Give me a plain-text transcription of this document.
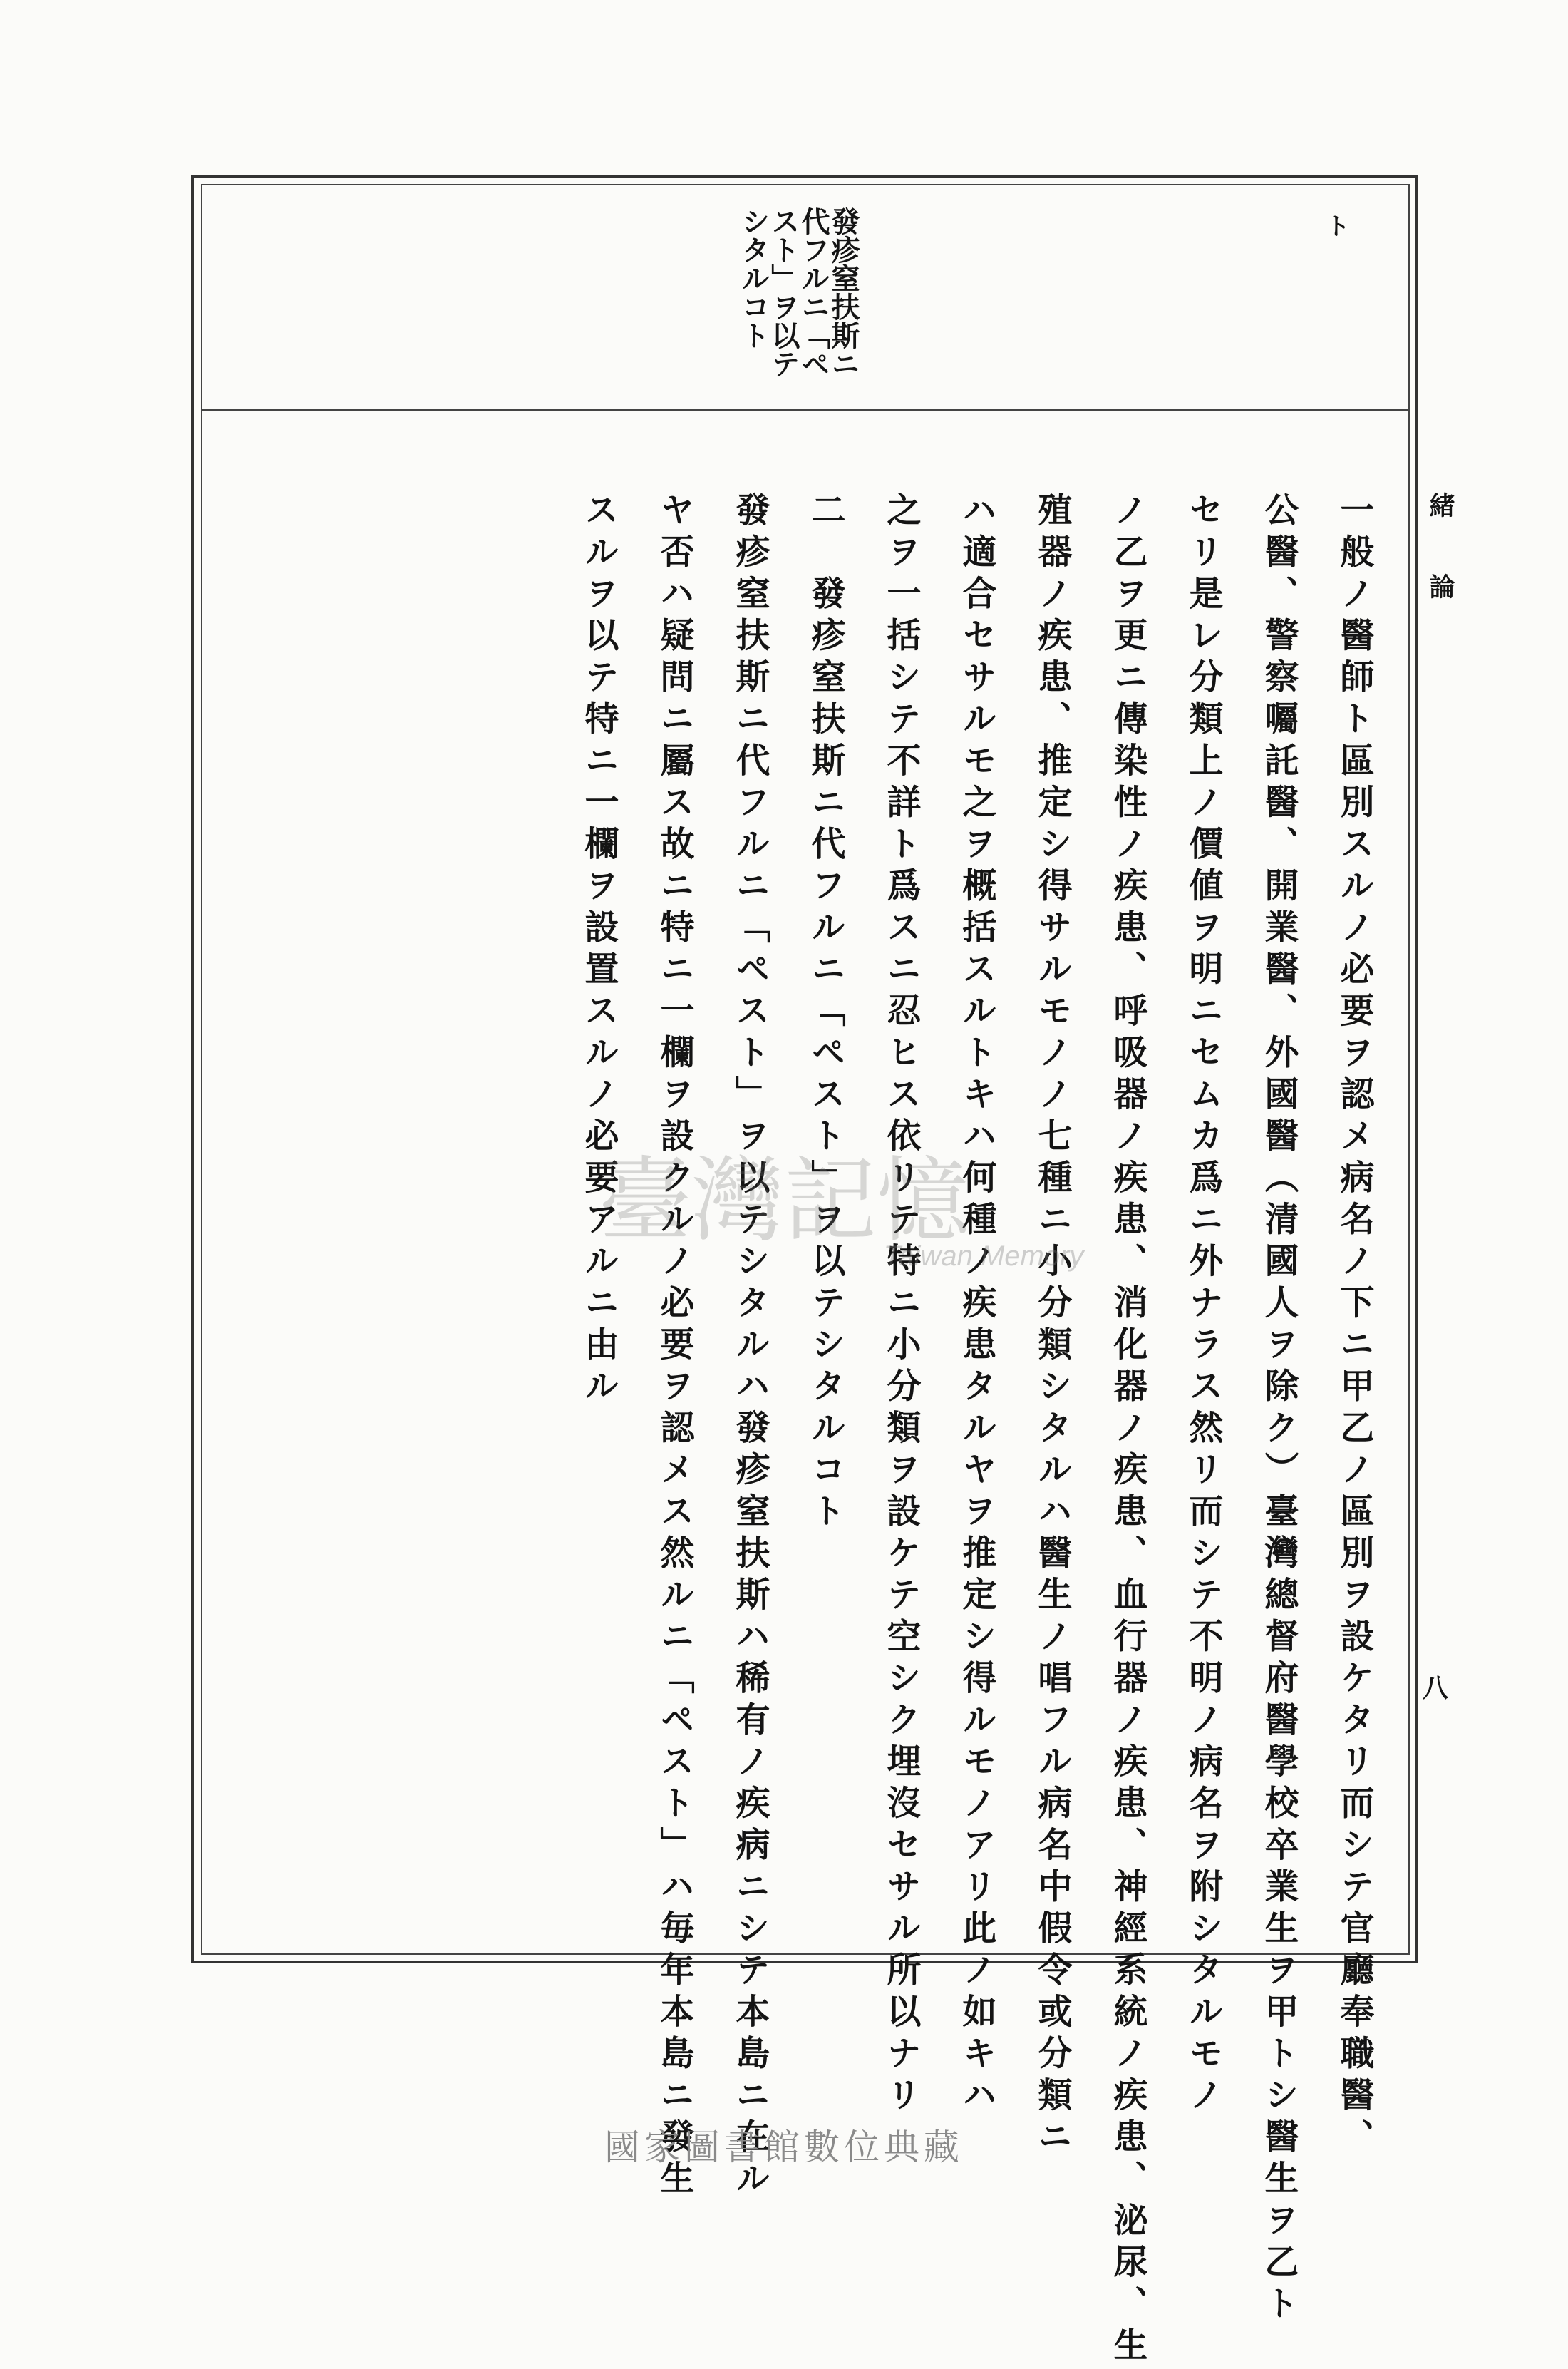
ト
緒論
八

發疹窒扶斯ニ

代フルニ「ペ

スト」ヲ以テ

シタルコト

一般ノ醫師ト區別スルノ必要ヲ認メ病名ノ下ニ甲乙ノ區別ヲ設ケタリ而シテ官廳奉職醫、

公醫、警察囑託醫、開業醫、外國醫（清國人ヲ除ク）臺灣總督府醫學校卒業生ヲ甲トシ醫生ヲ乙ト

セリ是レ分類上ノ價値ヲ明ニセムカ爲ニ外ナラス然リ而シテ不明ノ病名ヲ附シタルモノ

ノ乙ヲ更ニ傳染性ノ疾患、呼吸器ノ疾患、消化器ノ疾患、血行器ノ疾患、神經系統ノ疾患、泌尿、生

殖器ノ疾患、推定シ得サルモノノ七種ニ小分類シタルハ醫生ノ唱フル病名中假令或分類ニ

ハ適合セサルモ之ヲ概括スルトキハ何種ノ疾患タルヤヲ推定シ得ルモノアリ此ノ如キハ

之ヲ一括シテ不詳ト爲スニ忍ヒス依リテ特ニ小分類ヲ設ケテ空シク埋沒セサル所以ナリ

二　發疹窒扶斯ニ代フルニ「ペスト」ヲ以テシタルコト

發疹窒扶斯ニ代フルニ「ペスト」ヲ以テシタルハ發疹窒扶斯ハ稀有ノ疾病ニシテ本島ニ在ル

ヤ否ハ疑問ニ屬ス故ニ特ニ一欄ヲ設クルノ必要ヲ認メス然ルニ「ペスト」ハ毎年本島ニ發生

スルヲ以テ特ニ一欄ヲ設置スルノ必要アルニ由ル

臺灣記憶
Taiwan Memory
國家圖書館數位典藏
